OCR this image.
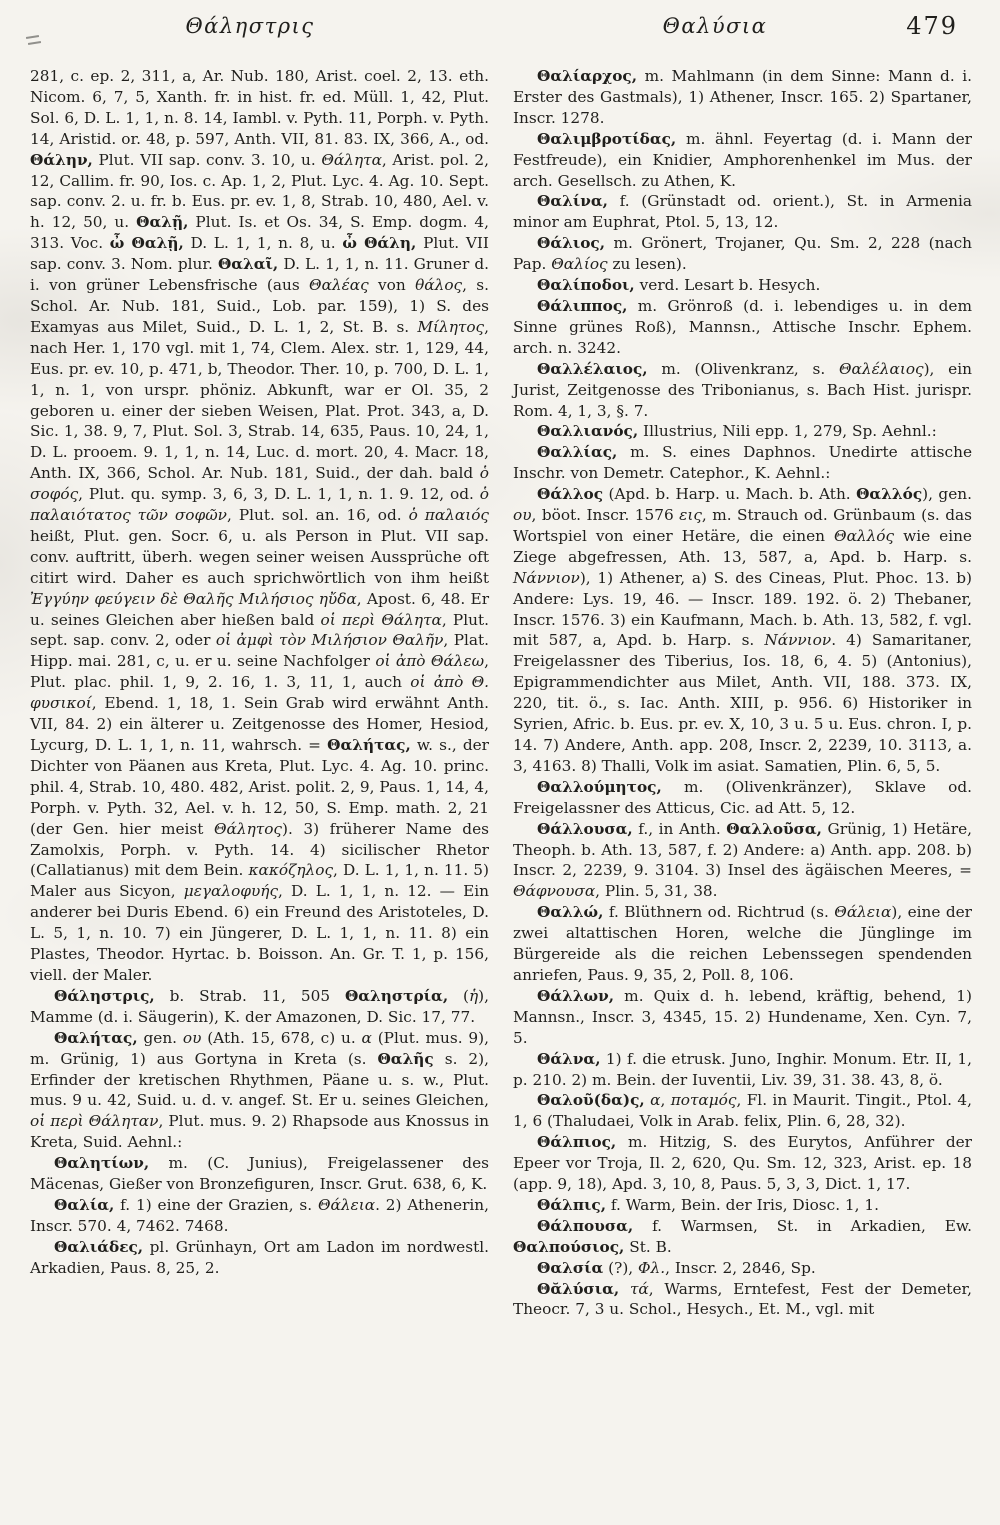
Θάληστρις	Θαλύσια	479

281, c. ep. 2, 311, a, Ar. Nub. 180, Arist. coel. 2, 13. eth. Nicom. 6, 7, 5, Xanth. fr. in hist. fr. ed. Müll. 1, 42, Plut. Sol. 6, D. L. 1, 1, n. 8. 14, Iambl. v. Pyth. 11, Porph. v. Pyth. 14, Aristid. or. 48, p. 597, Anth. VII, 81. 83. IX, 366, A., od. Θάλην, Plut. VII sap. conv. 3. 10, u. Θάλητα, Arist. pol. 2, 12, Callim. fr. 90, Ios. c. Ap. 1, 2, Plut. Lyc. 4. Ag. 10. Sept. sap. conv. 2. u. fr. b. Eus. pr. ev. 1, 8, Strab. 10, 480, Ael. v. h. 12, 50, u. Θαλῇ, Plut. Is. et Os. 34, S. Emp. dogm. 4, 313. Voc. ὦ Θαλῇ, D. L. 1, 1, n. 8, u. ὦ Θάλη, Plut. VII sap. conv. 3. Nom. plur. Θαλαῖ, D. L. 1, 1, n. 11. Gruner d. i. von grüner Lebensfrische (aus Θαλέας von θάλος, s. Schol. Ar. Nub. 181, Suid., Lob. par. 159), 1) S. des Examyas aus Milet, Suid., D. L. 1, 2, St. B. s. Μίλητος, nach Her. 1, 170 vgl. mit 1, 74, Clem. Alex. str. 1, 129, 44, Eus. pr. ev. 10, p. 471, b, Theodor. Ther. 10, p. 700, D. L. 1, 1, n. 1, von urspr. phöniz. Abkunft, war er Ol. 35, 2 geboren u. einer der sieben Weisen, Plat. Prot. 343, a, D. Sic. 1, 38. 9, 7, Plut. Sol. 3, Strab. 14, 635, Paus. 10, 24, 1, D. L. prooem. 9. 1, 1, n. 14, Luc. d. mort. 20, 4. Macr. 18, Anth. IX, 366, Schol. Ar. Nub. 181, Suid., der dah. bald ὁ σοφός, Plut. qu. symp. 3, 6, 3, D. L. 1, 1, n. 1. 9. 12, od. ὁ παλαιότατος τῶν σοφῶν, Plut. sol. an. 16, od. ὁ παλαιός heißt, Plut. gen. Socr. 6, u. als Person in Plut. VII sap. conv. auftritt, überh. wegen seiner weisen Aussprüche oft citirt wird. Daher es auch sprichwörtlich von ihm heißt Ἐγγύην φεύγειν δὲ Θαλῆς Μιλήσιος ηὔδα, Apost. 6, 48. Er u. seines Gleichen aber hießen bald οἱ περὶ Θάλητα, Plut. sept. sap. conv. 2, oder οἱ ἀμφὶ τὸν Μιλήσιον Θαλῆν, Plat. Hipp. mai. 281, c, u. er u. seine Nachfolger οἱ ἀπὸ Θάλεω, Plut. plac. phil. 1, 9, 2. 16, 1. 3, 11, 1, auch οἱ ἀπὸ Θ. φυσικοί, Ebend. 1, 18, 1. Sein Grab wird erwähnt Anth. VII, 84. 2) ein älterer u. Zeitgenosse des Homer, Hesiod, Lycurg, D. L. 1, 1, n. 11, wahrsch. = Θαλήτας, w. s., der Dichter von Päanen aus Kreta, Plut. Lyc. 4. Ag. 10. princ. phil. 4, Strab. 10, 480. 482, Arist. polit. 2, 9, Paus. 1, 14, 4, Porph. v. Pyth. 32, Ael. v. h. 12, 50, S. Emp. math. 2, 21 (der Gen. hier meist Θάλητος). 3) früherer Name des Zamolxis, Porph. v. Pyth. 14. 4) sicilischer Rhetor (Callatianus) mit dem Bein. κακόζηλος, D. L. 1, 1, n. 11. 5) Maler aus Sicyon, μεγαλοφυής, D. L. 1, 1, n. 12. — Ein anderer bei Duris Ebend. 6) ein Freund des Aristoteles, D. L. 5, 1, n. 10. 7) ein Jüngerer, D. L. 1, 1, n. 11. 8) ein Plastes, Theodor. Hyrtac. b. Boisson. An. Gr. T. 1, p. 156, viell. der Maler.

Θάληστρις, b. Strab. 11, 505 Θαληστρία, (ἡ), Mamme (d. i. Säugerin), K. der Amazonen, D. Sic. 17, 77.

Θαλήτας, gen. ου (Ath. 15, 678, c) u. α (Plut. mus. 9), m. Grünig, 1) aus Gortyna in Kreta (s. Θαλῆς s. 2), Erfinder der kretischen Rhythmen, Päane u. s. w., Plut. mus. 9 u. 42, Suid. u. d. v. angef. St. Er u. seines Gleichen, οἱ περὶ Θάληταν, Plut. mus. 9. 2) Rhapsode aus Knossus in Kreta, Suid. Aehnl.:

Θαλητίων, m. (C. Junius), Freigelassener des Mäcenas, Gießer von Bronzefiguren, Inscr. Grut. 638, 6, K.

Θαλία, f. 1) eine der Grazien, s. Θάλεια. 2) Athenerin, Inscr. 570. 4, 7462. 7468.

Θαλιάδες, pl. Grünhayn, Ort am Ladon im nordwestl. Arkadien, Paus. 8, 25, 2.

Θαλίαρχος, m. Mahlmann (in dem Sinne: Mann d. i. Erster des Gastmals), 1) Athener, Inscr. 165. 2) Spartaner, Inscr. 1278.

Θαλιμβροτίδας, m. ähnl. Feyertag (d. i. Mann der Festfreude), ein Knidier, Amphorenhenkel im Mus. der arch. Gesellsch. zu Athen, K.

Θαλίνα, f. (Grünstadt od. orient.), St. in Armenia minor am Euphrat, Ptol. 5, 13, 12.

Θάλιος, m. Grönert, Trojaner, Qu. Sm. 2, 228 (nach Pap. Θαλίος zu lesen).

Θαλίποδοι, verd. Lesart b. Hesych.

Θάλιππος, m. Grönroß (d. i. lebendiges u. in dem Sinne grünes Roß), Mannsn., Attische Inschr. Ephem. arch. n. 3242.

Θαλλέλαιος, m. (Olivenkranz, s. Θαλέλαιος), ein Jurist, Zeitgenosse des Tribonianus, s. Bach Hist. jurispr. Rom. 4, 1, 3, §. 7.

Θαλλιανός, Illustrius, Nili epp. 1, 279, Sp. Aehnl.:

Θαλλίας, m. S. eines Daphnos. Unedirte attische Inschr. von Demetr. Catephor., K. Aehnl.:

Θάλλος (Apd. b. Harp. u. Mach. b. Ath. Θαλλός), gen. ου, böot. Inscr. 1576 εις, m. Strauch od. Grünbaum (s. das Wortspiel von einer Hetäre, die einen Θαλλός wie eine Ziege abgefressen, Ath. 13, 587, a, Apd. b. Harp. s. Νάννιον), 1) Athener, a) S. des Cineas, Plut. Phoc. 13. b) Andere: Lys. 19, 46. — Inscr. 189. 192. ö. 2) Thebaner, Inscr. 1576. 3) ein Kaufmann, Mach. b. Ath. 13, 582, f. vgl. mit 587, a, Apd. b. Harp. s. Νάννιον. 4) Samaritaner, Freigelassner des Tiberius, Ios. 18, 6, 4. 5) (Antonius), Epigrammendichter aus Milet, Anth. VII, 188. 373. IX, 220, tit. ö., s. Iac. Anth. XIII, p. 956. 6) Historiker in Syrien, Afric. b. Eus. pr. ev. X, 10, 3 u. 5 u. Eus. chron. I, p. 14. 7) Andere, Anth. app. 208, Inscr. 2, 2239, 10. 3113, a. 3, 4163. 8) Thalli, Volk im asiat. Samatien, Plin. 6, 5, 5.

Θαλλούμητος, m. (Olivenkränzer), Sklave od. Freigelassner des Atticus, Cic. ad Att. 5, 12.

Θάλλουσα, f., in Anth. Θαλλοῦσα, Grünig, 1) Hetäre, Theoph. b. Ath. 13, 587, f. 2) Andere: a) Anth. app. 208. b) Inscr. 2, 2239, 9. 3104. 3) Insel des ägäischen Meeres, = Θάφνουσα, Plin. 5, 31, 38.

Θαλλώ, f. Blüthnern od. Richtrud (s. Θάλεια), eine der zwei altattischen Horen, welche die Jünglinge im Bürgereide als die reichen Lebenssegen spendenden anriefen, Paus. 9, 35, 2, Poll. 8, 106.

Θάλλων, m. Quix d. h. lebend, kräftig, behend, 1) Mannsn., Inscr. 3, 4345, 15. 2) Hundename, Xen. Cyn. 7, 5.

Θάλνα, 1) f. die etrusk. Juno, Inghir. Monum. Etr. II, 1, p. 210. 2) m. Bein. der Iuventii, Liv. 39, 31. 38. 43, 8, ö.

Θαλοῦ(δα)ς, α, ποταμός, Fl. in Maurit. Tingit., Ptol. 4, 1, 6 (Thaludaei, Volk in Arab. felix, Plin. 6, 28, 32).

Θάλπιος, m. Hitzig, S. des Eurytos, Anführer der Epeer vor Troja, Il. 2, 620, Qu. Sm. 12, 323, Arist. ep. 18 (app. 9, 18), Apd. 3, 10, 8, Paus. 5, 3, 3, Dict. 1, 17.

Θάλπις, f. Warm, Bein. der Iris, Diosc. 1, 1.

Θάλπουσα, f. Warmsen, St. in Arkadien, Ew. Θαλπούσιος, St. B.

Θαλσία (?), Φλ., Inscr. 2, 2846, Sp.

Θᾰλύσια, τά, Warms, Erntefest, Fest der Demeter, Theocr. 7, 3 u. Schol., Hesych., Et. M., vgl. mit
